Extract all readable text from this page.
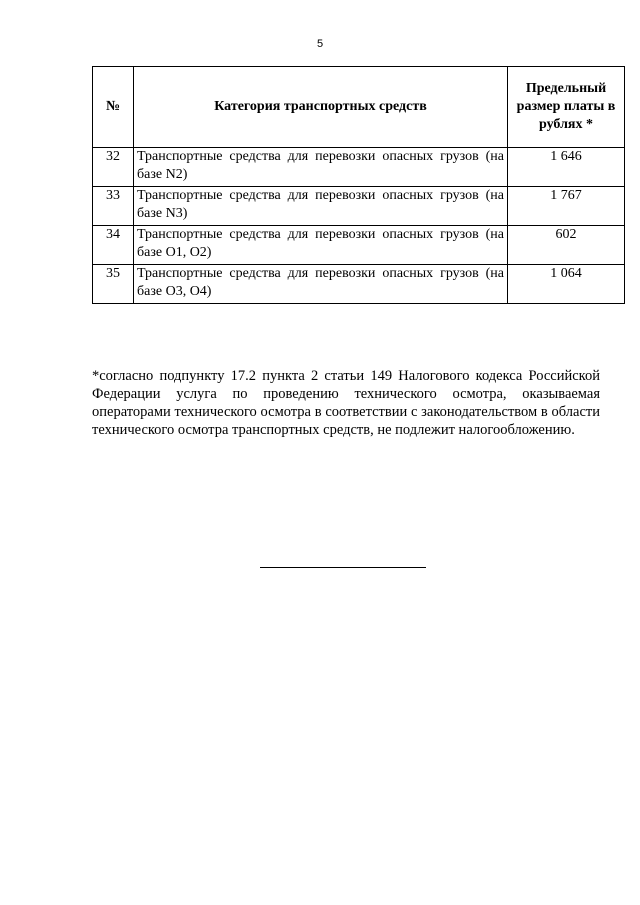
5
№	Категория транспортных средств	Предельный размер платы в рублях *
32	Транспортные средства для перевозки опасных грузов (на базе N2)	1 646
33	Транспортные средства для перевозки опасных грузов (на базе N3)	1 767
34	Транспортные средства для перевозки опасных грузов (на базе O1, O2)	602
35	Транспортные средства для перевозки опасных грузов (на базе O3, O4)	1 064
*согласно подпункту 17.2 пункта 2 статьи 149 Налогового кодекса Российской Федерации услуга по проведению технического осмотра, оказываемая операторами технического осмотра в соответствии с законодательством в области технического осмотра транспортных средств, не подлежит налогообложению.
